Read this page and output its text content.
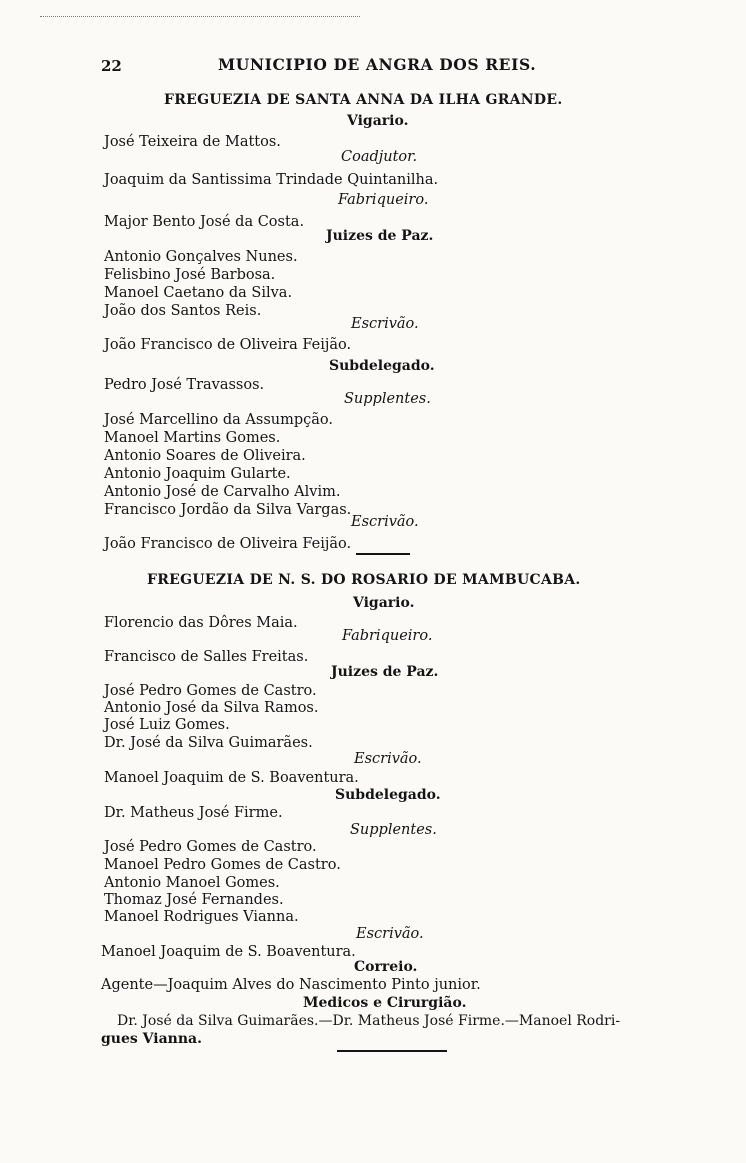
22	MUNICIPIO DE ANGRA DOS REIS.
FREGUEZIA DE SANTA ANNA DA ILHA GRANDE.
Vigario.
José Teixeira de Mattos.
Coadjutor.
Joaquim da Santissima Trindade Quintanilha.
Fabriqueiro.
Major Bento José da Costa.
Juizes de Paz.
Antonio Gonçalves Nunes.
Felisbino José Barbosa.
Manoel Caetano da Silva.
João dos Santos Reis.
Escrivão.
João Francisco de Oliveira Feijão.
Subdelegado.
Pedro José Travassos.
Supplentes.
José Marcellino da Assumpção.
Manoel Martins Gomes.
Antonio Soares de Oliveira.
Antonio Joaquim Gularte.
Antonio José de Carvalho Alvim.
Francisco Jordão da Silva Vargas.
Escrivão.
João Francisco de Oliveira Feijão.
FREGUEZIA DE N. S. DO ROSARIO DE MAMBUCABA.
Vigario.
Florencio das Dôres Maia.
Fabriqueiro.
Francisco de Salles Freitas.
Juizes de Paz.
José Pedro Gomes de Castro.
Antonio José da Silva Ramos.
José Luiz Gomes.
Dr. José da Silva Guimarães.
Escrivão.
Manoel Joaquim de S. Boaventura.
Subdelegado.
Dr. Matheus José Firme.
Supplentes.
José Pedro Gomes de Castro.
Manoel Pedro Gomes de Castro.
Antonio Manoel Gomes.
Thomaz José Fernandes.
Manoel Rodrigues Vianna.
Escrivão.
Manoel Joaquim de S. Boaventura.
Correio.
Agente—Joaquim Alves do Nascimento Pinto junior.
Medicos e Cirurgião.
Dr. José da Silva Guimarães.—Dr. Matheus José Firme.—Manoel Rodri-
gues Vianna.
